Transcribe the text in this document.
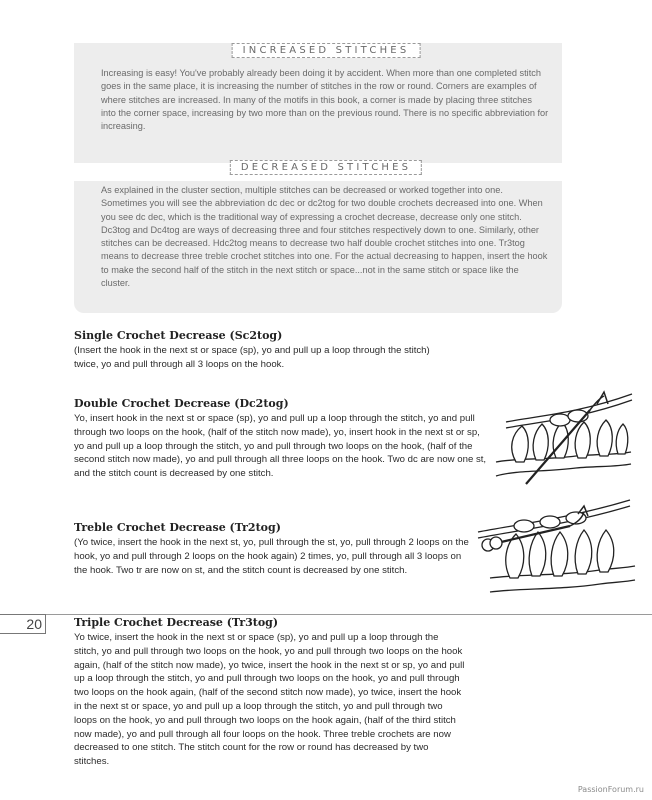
INCREASED STITCHES

Increasing is easy! You've probably already been doing it by accident. When more than one completed stitch goes in the same place, it is increasing the number of stitches in the row or round. Corners are examples of where stitches are increased. In many of the motifs in this book, a corner is made by placing three stitches into the corner space, increasing by two more than on the previous round. There is no specific abbreviation for increasing.

DECREASED STITCHES

As explained in the cluster section, multiple stitches can be decreased or worked together into one. Sometimes you will see the abbreviation dc dec or dc2tog for two double crochets decreased into one. When you see dc dec, which is the traditional way of expressing a crochet decrease, decrease only one stitch. Dc3tog and Dc4tog are ways of decreasing three and four stitches respectively down to one. Similarly, other stitches can be decreased. Hdc2tog means to decrease two half double crochet stitches into one. Tr3tog means to decrease three treble crochet stitches into one. For the actual decreasing to happen, insert the hook to make the second half of the stitch in the next stitch or space...not in the same stitch or space like the cluster.

Single Crochet Decrease (Sc2tog)

(Insert the hook in the next st or space (sp), yo and pull up a loop through the stitch) twice, yo and pull through all 3 loops on the hook.

Double Crochet Decrease (Dc2tog)

Yo, insert hook in the next st or space (sp), yo and pull up a loop through the stitch, yo and pull through two loops on the hook, (half of the stitch now made), yo, insert hook in the next st or sp, yo and pull up a loop through the stitch, yo and pull through two loops on the hook, (half of the second stitch now made), yo and pull through all three loops on the hook. Two dc are now one st, and the stitch count is decreased by one stitch.

Treble Crochet Decrease (Tr2tog)

(Yo twice, insert the hook in the next st, yo, pull through the st, yo, pull through 2 loops on the hook, yo and pull through 2 loops on the hook again) 2 times, yo, pull through all 3 loops on the hook. Two tr are now on st, and the stitch count is decreased by one stitch.

Triple Crochet Decrease (Tr3tog)

Yo twice, insert the hook in the next st or space (sp), yo and pull up a loop through the stitch, yo and pull through two loops on the hook, yo and pull through two loops on the hook again, (half of the stitch now made), yo twice, insert the hook in the next st or sp, yo and pull up a loop through the stitch, yo and pull through two loops on the hook, yo and pull through two loops on the hook again, (half of the second stitch now made), yo twice, insert the hook in the next st or space, yo and pull up a loop through the stitch, yo and pull through two loops on the hook, yo and pull through two loops on the hook again, (half of the third stitch now made), yo and pull through all four loops on the hook. Three treble crochets are now decreased to one stitch. The stitch count for the row or round has decreased by two stitches.

20
PassionForum.ru
